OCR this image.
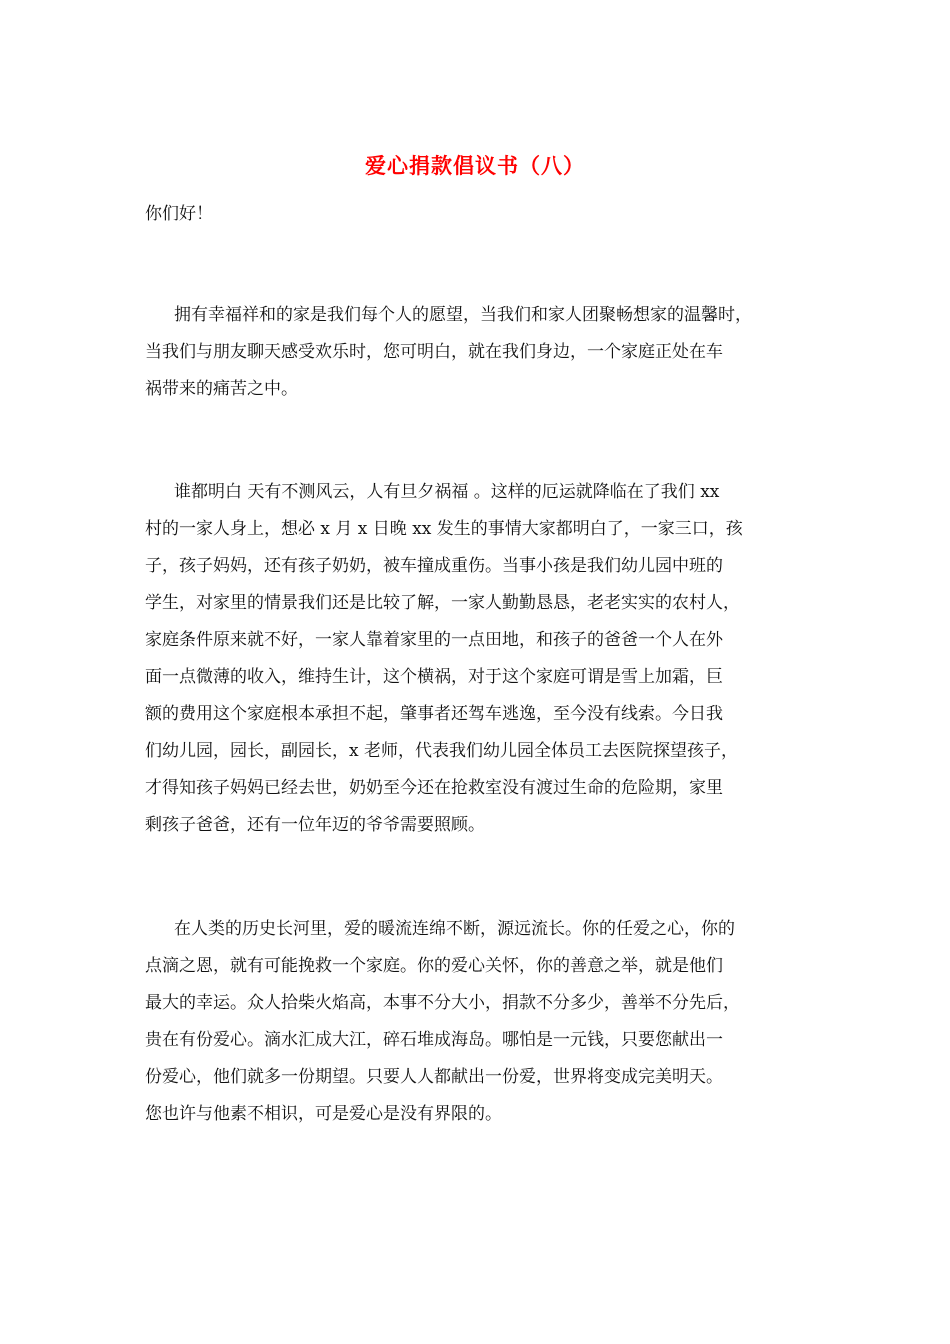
爱心捐款倡议书（八）
你们好！
拥有幸福祥和的家是我们每个人的愿望，当我们和家人团聚畅想家的温馨时，
当我们与朋友聊天感受欢乐时，您可明白，就在我们身边，一个家庭正处在车
祸带来的痛苦之中。
谁都明白 天有不测风云，人有旦夕祸福 。这样的厄运就降临在了我们 xx
村的一家人身上，想必 x 月 x 日晚 xx 发生的事情大家都明白了，一家三口，孩
子，孩子妈妈，还有孩子奶奶，被车撞成重伤。当事小孩是我们幼儿园中班的
学生，对家里的情景我们还是比较了解，一家人勤勤恳恳，老老实实的农村人，
家庭条件原来就不好，一家人靠着家里的一点田地，和孩子的爸爸一个人在外
面一点微薄的收入，维持生计，这个横祸，对于这个家庭可谓是雪上加霜，巨
额的费用这个家庭根本承担不起，肇事者还驾车逃逸，至今没有线索。今日我
们幼儿园，园长，副园长，x 老师，代表我们幼儿园全体员工去医院探望孩子，
才得知孩子妈妈已经去世，奶奶至今还在抢救室没有渡过生命的危险期，家里
剩孩子爸爸，还有一位年迈的爷爷需要照顾。
在人类的历史长河里，爱的暖流连绵不断，源远流长。你的任爱之心，你的
点滴之恩，就有可能挽救一个家庭。你的爱心关怀，你的善意之举，就是他们
最大的幸运。众人拾柴火焰高，本事不分大小，捐款不分多少，善举不分先后，
贵在有份爱心。滴水汇成大江，碎石堆成海岛。哪怕是一元钱，只要您献出一
份爱心，他们就多一份期望。只要人人都献出一份爱，世界将变成完美明天。
您也许与他素不相识，可是爱心是没有界限的。
